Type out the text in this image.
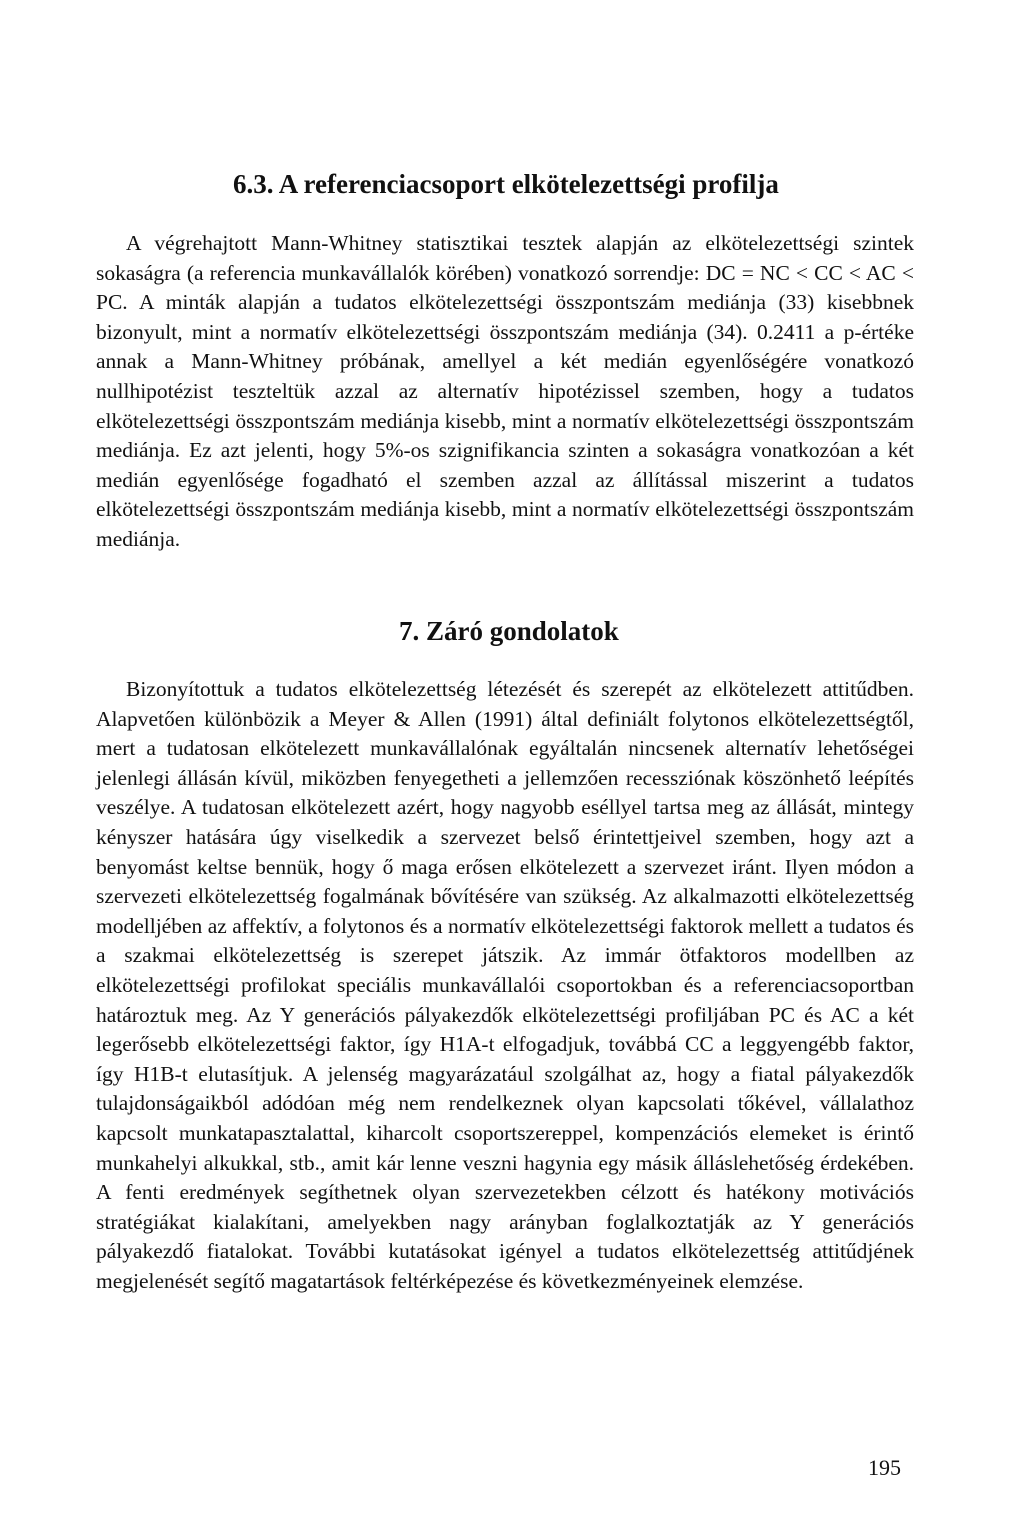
6.3. A referenciacsoport elkötelezettségi profilja

A végrehajtott Mann-Whitney statisztikai tesztek alapján az elkötelezettségi szintek sokaságra (a referencia munkavállalók körében) vonatkozó sorrendje: DC = NC < CC < AC < PC. A minták alapján a tudatos elkötelezettségi összpontszám mediánja (33) kisebbnek bizonyult, mint a normatív elkötelezettségi összpontszám mediánja (34). 0.2411 a p-értéke annak a Mann-Whitney próbának, amellyel a két medián egyenlőségére vonatkozó nullhipotézist teszteltük azzal az alternatív hipotézissel szemben, hogy a tudatos elkötelezettségi összpontszám mediánja kisebb, mint a normatív elkötelezettségi összpontszám mediánja. Ez azt jelenti, hogy 5%-os szignifikancia szinten a sokaságra vonatkozóan a két medián egyenlősége fogadható el szemben azzal az állítással miszerint a tudatos elkötelezettségi összpontszám mediánja kisebb, mint a normatív elkötelezettségi összpontszám mediánja.

7. Záró gondolatok

Bizonyítottuk a tudatos elkötelezettség létezését és szerepét az elkötelezett attitűdben. Alapvetően különbözik a Meyer & Allen (1991) által definiált folytonos elkötelezettségtől, mert a tudatosan elkötelezett munkavállalónak egyáltalán nincsenek alternatív lehetőségei jelenlegi állásán kívül, miközben fenyegetheti a jellemzően recessziónak köszönhető leépítés veszélye. A tudatosan elkötelezett azért, hogy nagyobb eséllyel tartsa meg az állását, mintegy kényszer hatására úgy viselkedik a szervezet belső érintettjeivel szemben, hogy azt a benyomást keltse bennük, hogy ő maga erősen elkötelezett a szervezet iránt. Ilyen módon a szervezeti elkötelezettség fogalmának bővítésére van szükség. Az alkalmazotti elkötelezettség modelljében az affektív, a folytonos és a normatív elkötelezettségi faktorok mellett a tudatos és a szakmai elkötelezettség is szerepet játszik. Az immár ötfaktoros modellben az elkötelezettségi profilokat speciális munkavállalói csoportokban és a referenciacsoportban határoztuk meg. Az Y generációs pályakezdők elkötelezettségi profiljában PC és AC a két legerősebb elkötelezettségi faktor, így H1A-t elfogadjuk, továbbá CC a leggyengébb faktor, így H1B-t elutasítjuk. A jelenség magyarázatául szolgálhat az, hogy a fiatal pályakezdők tulajdonságaikból adódóan még nem rendelkeznek olyan kapcsolati tőkével, vállalathoz kapcsolt munkatapasztalattal, kiharcolt csoportszereppel, kompenzációs elemeket is érintő munkahelyi alkukkal, stb., amit kár lenne veszni hagynia egy másik álláslehetőség érdekében. A fenti eredmények segíthetnek olyan szervezetekben célzott és hatékony motivációs stratégiákat kialakítani, amelyekben nagy arányban foglalkoztatják az Y generációs pályakezdő fiatalokat. További kutatásokat igényel a tudatos elkötelezettség attitűdjének megjelenését segítő magatartások feltérképezése és következményeinek elemzése.

195
